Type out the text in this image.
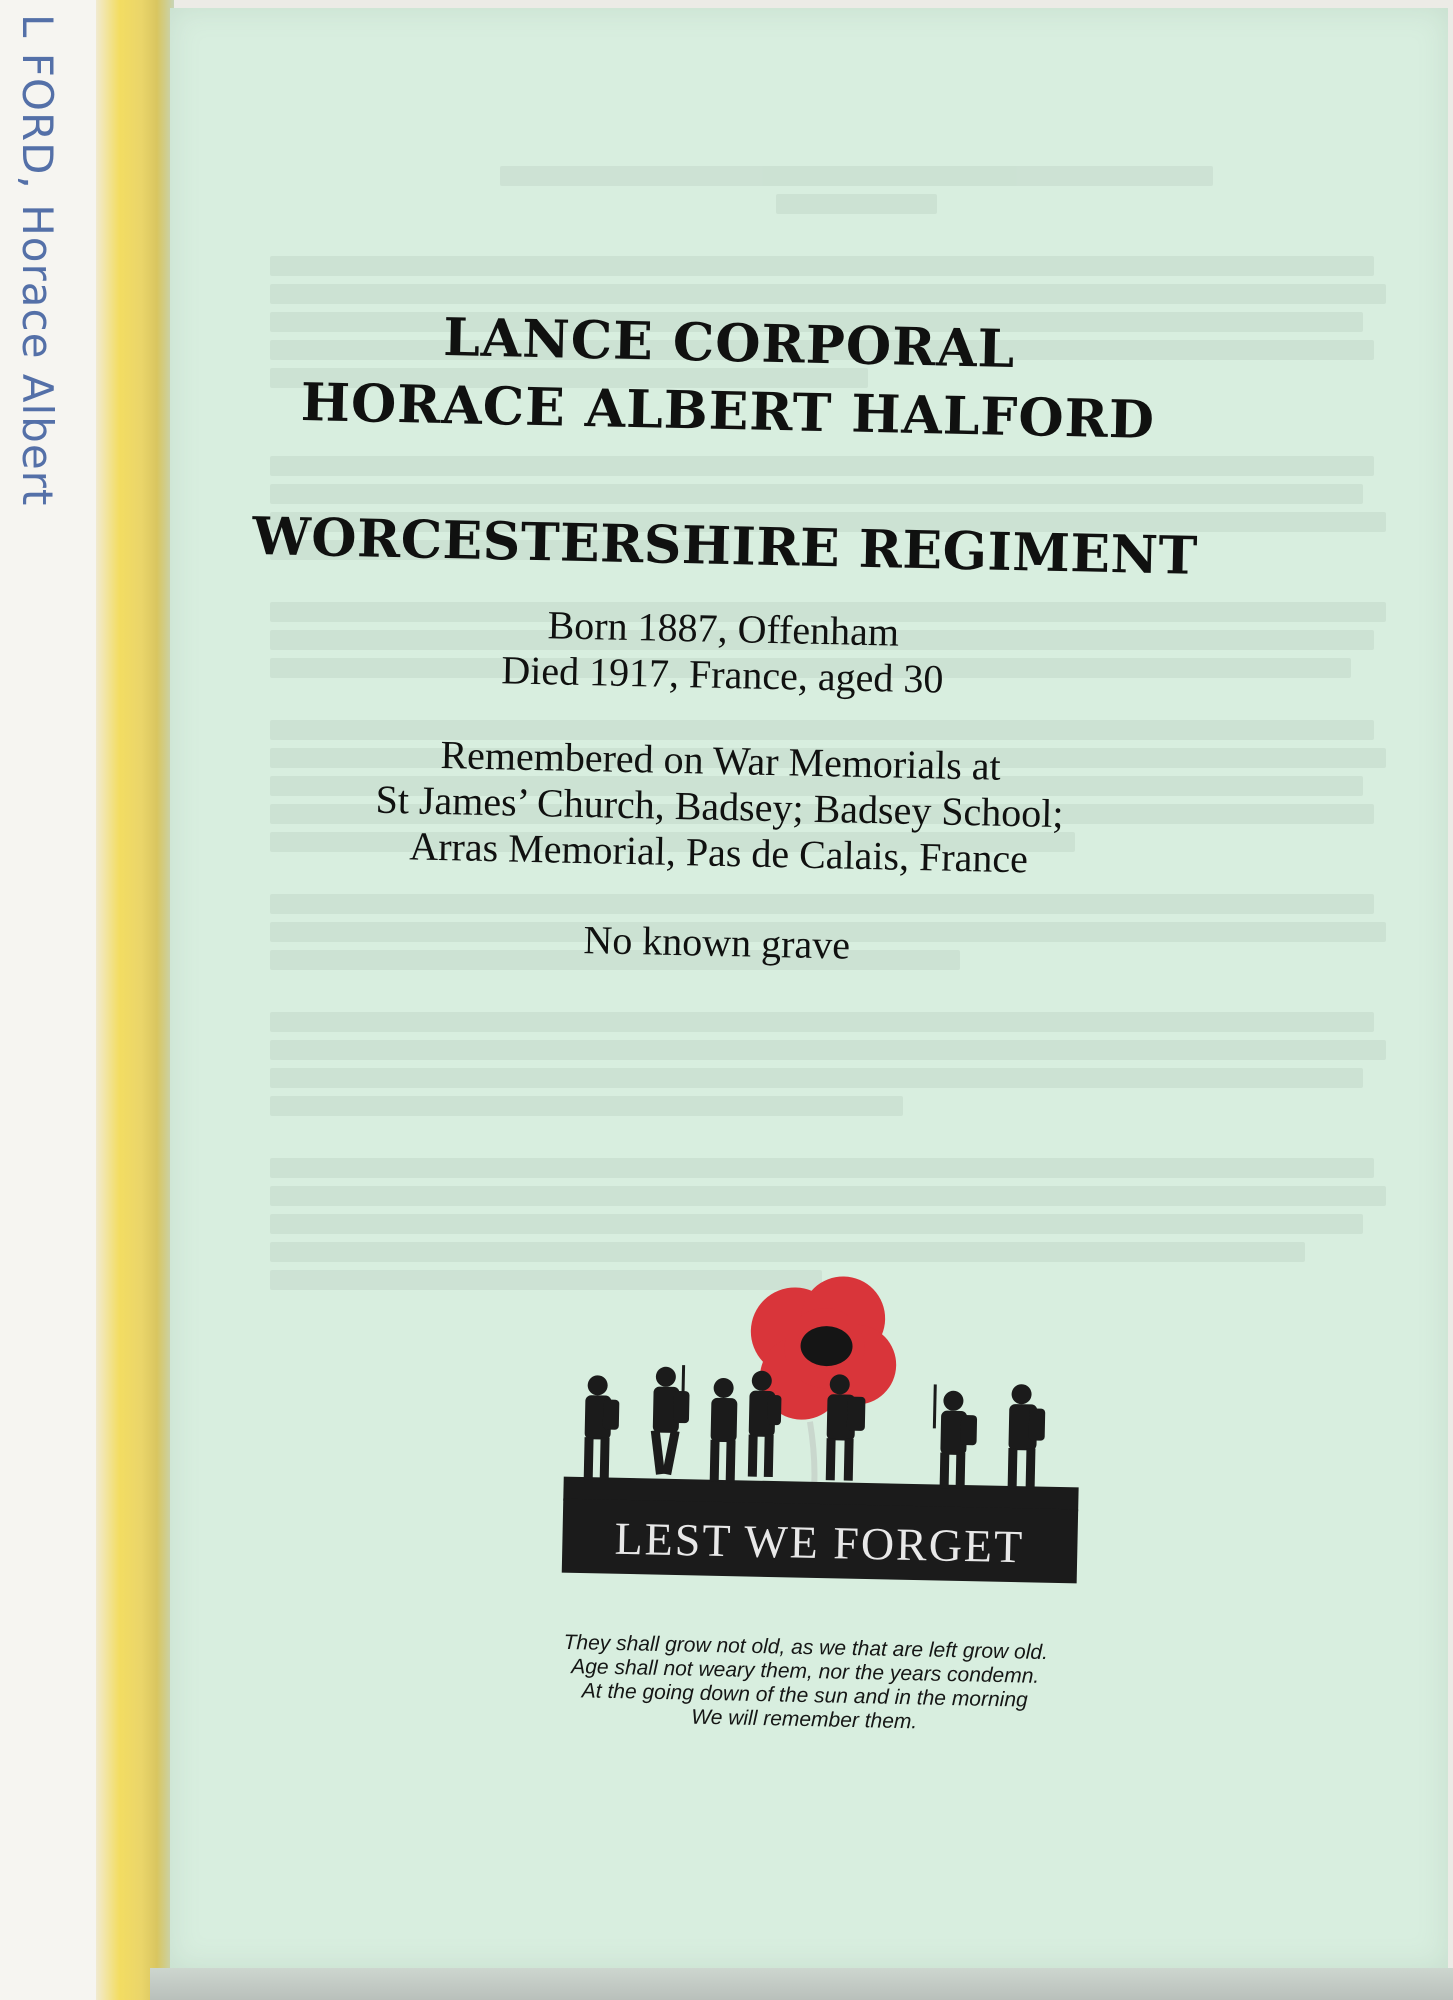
L FORD, Horace Albert	LANCE CORPORAL

HORACE ALBERT HALFORD

WORCESTERSHIRE REGIMENT

Born 1887, Offenham

Died 1917, France, aged 30

Remembered on War Memorials at

St James’ Church, Badsey; Badsey School;

Arras Memorial, Pas de Calais, France

No known grave

LEST WE FORGET

They shall grow not old, as we that are left grow old.

Age shall not weary them, nor the years condemn.

At the going down of the sun and in the morning

We will remember them.
